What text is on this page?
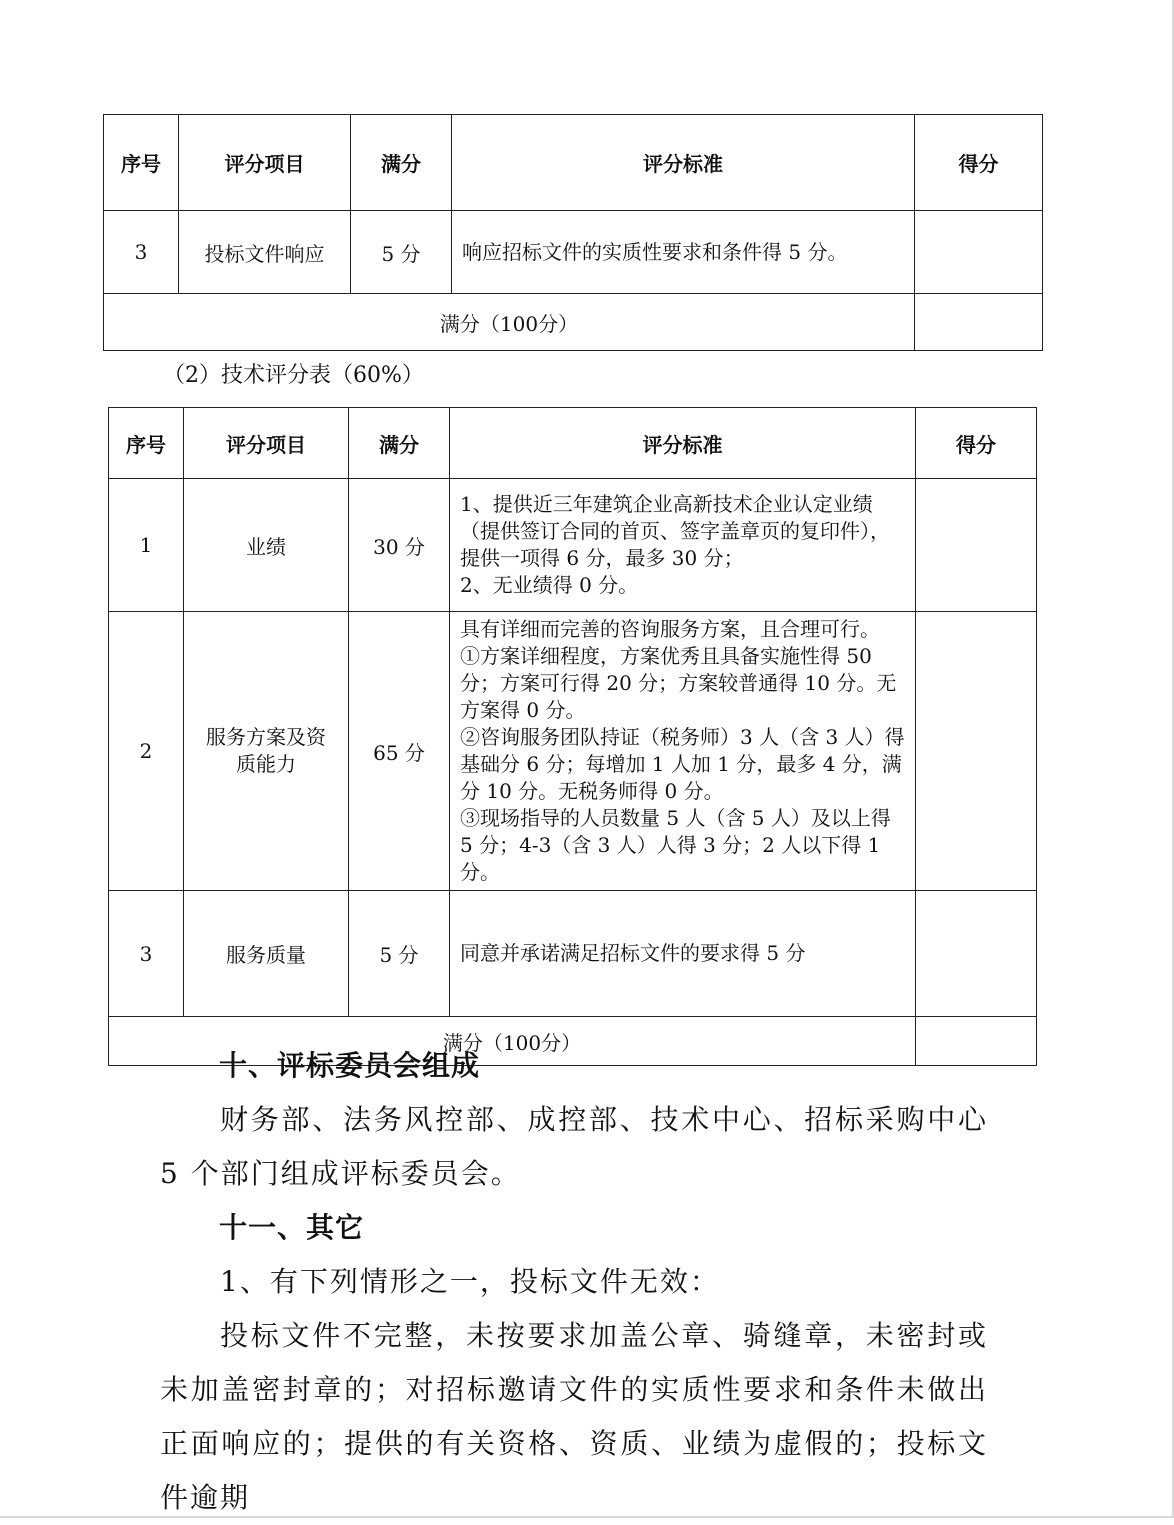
序号	评分项目	满分	评分标准	得分
3	投标文件响应	5 分	响应招标文件的实质性要求和条件得 5 分。	

满分（100分）				
（2）技术评分表（60%）
序号	评分项目	满分	评分标准	得分
1	业绩	30 分	1、提供近三年建筑企业高新技术企业认定业绩（提供签订合同的首页、签字盖章页的复印件），提供一项得 6 分，最多 30 分；
2、无业绩得 0 分。	

2	服务方案及资质能力	65 分	具有详细而完善的咨询服务方案，且合理可行。
①方案详细程度，方案优秀且具备实施性得 50 分；方案可行得 20 分；方案较普通得 10 分。无方案得 0 分。
②咨询服务团队持证（税务师）3 人（含 3 人）得基础分 6 分；每增加 1 人加 1 分，最多 4 分，满分 10 分。无税务师得 0 分。
③现场指导的人员数量 5 人（含 5 人）及以上得 5 分；4-3（含 3 人）人得 3 分；2 人以下得 1 分。	

3	服务质量	5 分	同意并承诺满足招标文件的要求得 5 分	

满分（100分）				
十、评标委员会组成
财务部、法务风控部、成控部、技术中心、招标采购中心 5 个部门组成评标委员会。
十一、其它
1、有下列情形之一，投标文件无效：
投标文件不完整，未按要求加盖公章、骑缝章，未密封或未加盖密封章的；对招标邀请文件的实质性要求和条件未做出正面响应的；提供的有关资格、资质、业绩为虚假的；投标文件逾期
